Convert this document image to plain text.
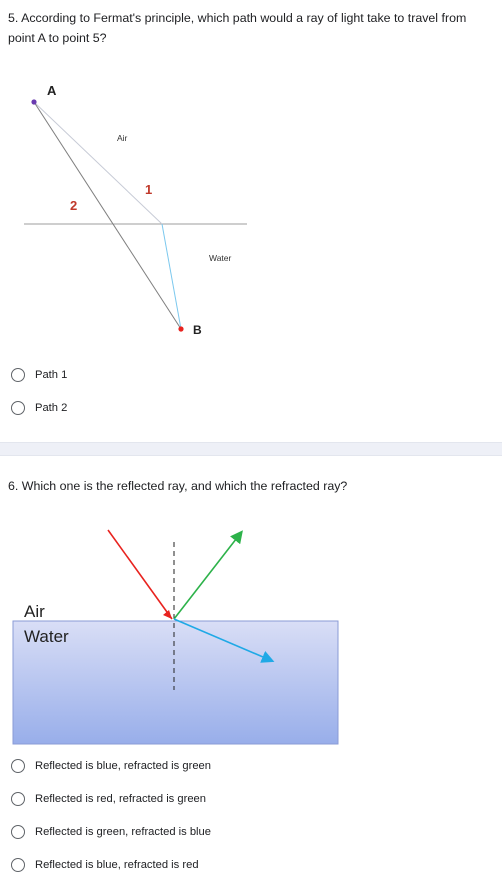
5. According to Fermat's principle, which path would a ray of light take to travel from point A to point 5?
A
B
Air
Water
1
2
Path 1
Path 2
6. Which one is the reflected ray, and which the refracted ray?
Air
Water
Reflected is blue, refracted is green
Reflected is red, refracted is green
Reflected is green, refracted is blue
Reflected is blue, refracted is red
